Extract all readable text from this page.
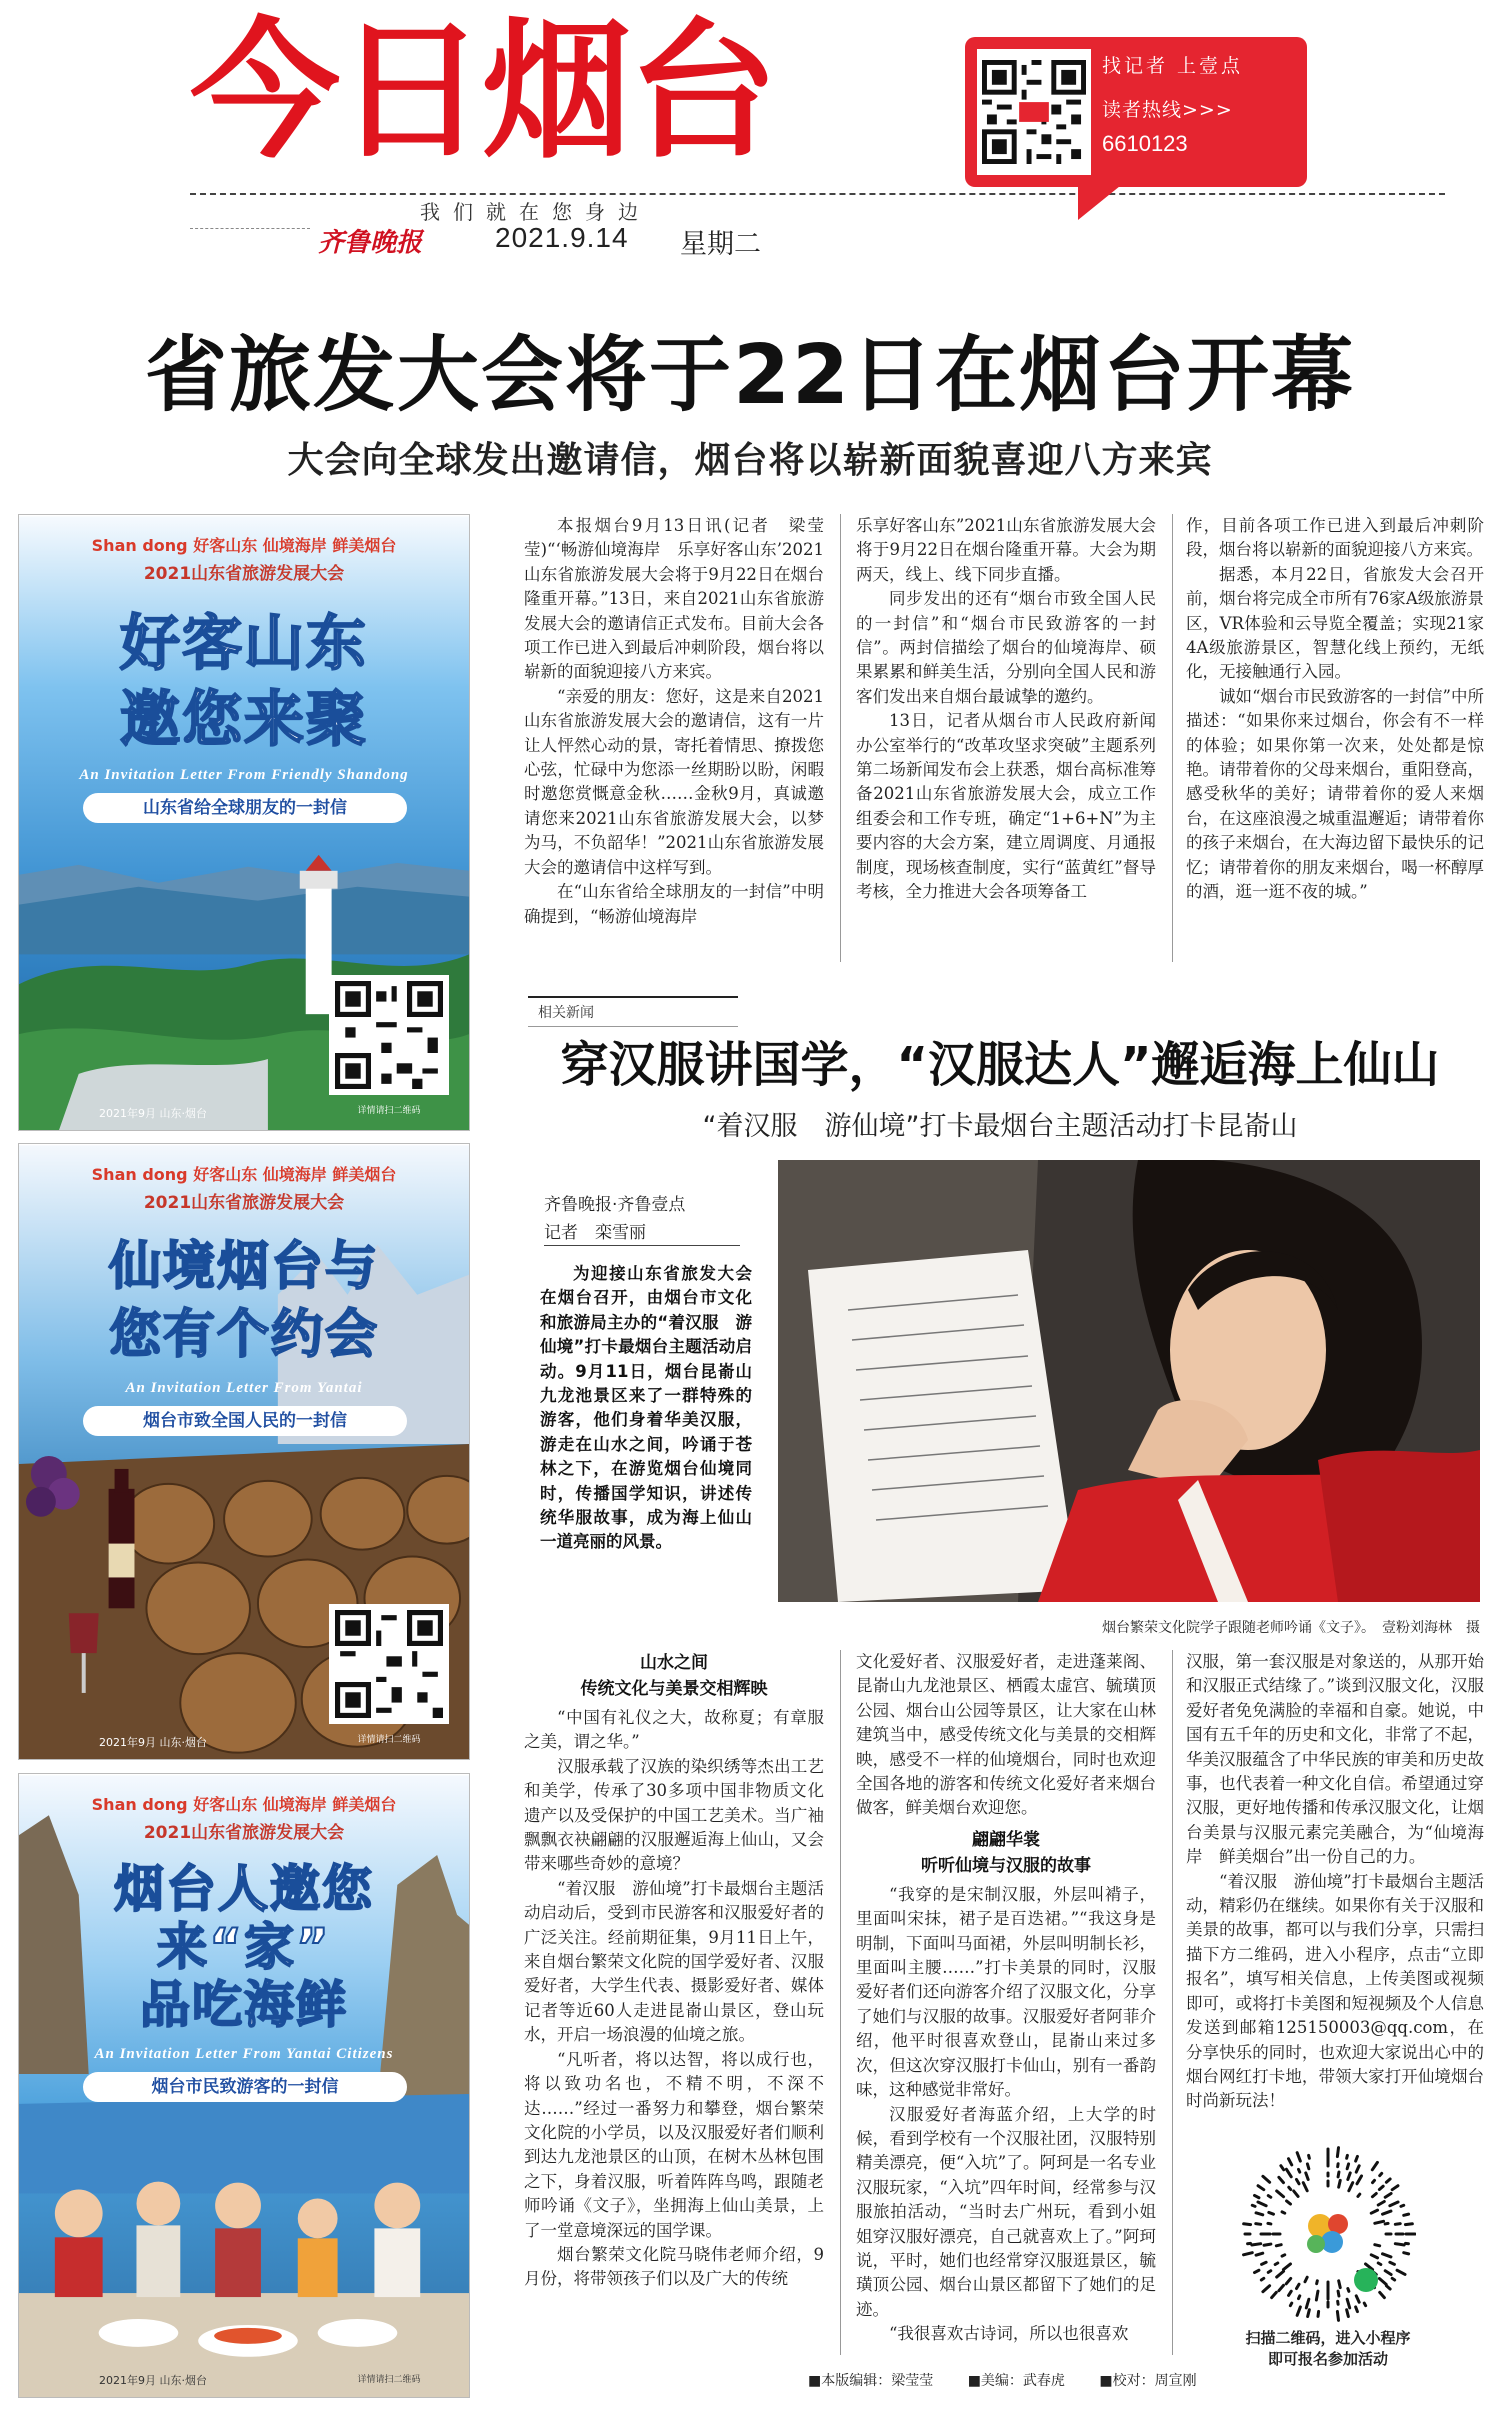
今日烟台
我们就在您身边
齐鲁晚报	2021.9.14 星期二
找记者 上壹点
读者热线>>>
6610123
省旅发大会将于22日在烟台开幕
大会向全球发出邀请信，烟台将以崭新面貌喜迎八方来宾
Shan dong 好客山东 仙境海岸 鲜美烟台
2021山东省旅游发展大会
好客山东
邀您来聚
An Invitation Letter From Friendly Shandong
山东省给全球朋友的一封信
详情请扫二维码
2021年9月 山东·烟台
Shan dong 好客山东 仙境海岸 鲜美烟台
2021山东省旅游发展大会
仙境烟台与
您有个约会
An Invitation Letter From Yantai
烟台市致全国人民的一封信
详情请扫二维码
2021年9月 山东·烟台
Shan dong 好客山东 仙境海岸 鲜美烟台
2021山东省旅游发展大会
烟台人邀您
来“家”
品吃海鲜
An Invitation Letter From Yantai Citizens
烟台市民致游客的一封信
2021年9月 山东·烟台	详情请扫二维码

本报烟台9月13日讯(记者　梁莹莹)“‘畅游仙境海岸　乐享好客山东’2021山东省旅游发展大会将于9月22日在烟台隆重开幕。”13日，来自2021山东省旅游发展大会的邀请信正式发布。目前大会各项工作已进入到最后冲刺阶段，烟台将以崭新的面貌迎接八方来宾。

“亲爱的朋友：您好，这是来自2021山东省旅游发展大会的邀请信，这有一片让人怦然心动的景，寄托着情思、撩拨您心弦，忙碌中为您添一丝期盼以盼，闲暇时邀您赏慨意金秋……金秋9月，真诚邀请您来2021山东省旅游发展大会，以梦为马，不负韶华！”2021山东省旅游发展大会的邀请信中这样写到。

在“山东省给全球朋友的一封信”中明确提到，“畅游仙境海岸

乐享好客山东”2021山东省旅游发展大会将于9月22日在烟台隆重开幕。大会为期两天，线上、线下同步直播。

同步发出的还有“烟台市致全国人民的一封信”和“烟台市民致游客的一封信”。两封信描绘了烟台的仙境海岸、硕果累累和鲜美生活，分别向全国人民和游客们发出来自烟台最诚挚的邀约。

13日，记者从烟台市人民政府新闻办公室举行的“改革攻坚求突破”主题系列第二场新闻发布会上获悉，烟台高标准筹备2021山东省旅游发展大会，成立工作组委会和工作专班，确定“1+6+N”为主要内容的大会方案，建立周调度、月通报制度，现场核查制度，实行“蓝黄红”督导考核，全力推进大会各项筹备工

作，目前各项工作已进入到最后冲刺阶段，烟台将以崭新的面貌迎接八方来宾。

据悉，本月22日，省旅发大会召开前，烟台将完成全市所有76家A级旅游景区，VR体验和云导览全覆盖；实现21家4A级旅游景区，智慧化线上预约，无纸化，无接触通行入园。

诚如“烟台市民致游客的一封信”中所描述：“如果你来过烟台，你会有不一样的体验；如果你第一次来，处处都是惊艳。请带着你的父母来烟台，重阳登高，感受秋华的美好；请带着你的爱人来烟台，在这座浪漫之城重温邂逅；请带着你的孩子来烟台，在大海边留下最快乐的记忆；请带着你的朋友来烟台，喝一杯醇厚的酒，逛一逛不夜的城。”

相关新闻
穿汉服讲国学，“汉服达人”邂逅海上仙山
“着汉服　游仙境”打卡最烟台主题活动打卡昆嵛山
齐鲁晚报·齐鲁壹点
记者　栾雪丽
为迎接山东省旅发大会在烟台召开，由烟台市文化和旅游局主办的“着汉服　游仙境”打卡最烟台主题活动启动。9月11日，烟台昆嵛山九龙池景区来了一群特殊的游客，他们身着华美汉服，游走在山水之间，吟诵于苍林之下，在游览烟台仙境同时，传播国学知识，讲述传统华服故事，成为海上仙山一道亮丽的风景。
烟台繁荣文化院学子跟随老师吟诵《文子》。　壹粉刘海林　摄
山水之间
传统文化与美景交相辉映

“中国有礼仪之大，故称夏；有章服之美，谓之华。”

汉服承载了汉族的染织绣等杰出工艺和美学，传承了30多项中国非物质文化遗产以及受保护的中国工艺美术。当广袖飘飘衣袂翩翩的汉服邂逅海上仙山，又会带来哪些奇妙的意境？

“着汉服　游仙境”打卡最烟台主题活动启动后，受到市民游客和汉服爱好者的广泛关注。经前期征集，9月11日上午，来自烟台繁荣文化院的国学爱好者、汉服爱好者，大学生代表、摄影爱好者、媒体记者等近60人走进昆嵛山景区，登山玩水，开启一场浪漫的仙境之旅。

“凡听者，将以达智，将以成行也，将以致功名也，不精不明，不深不达……”经过一番努力和攀登，烟台繁荣文化院的小学员，以及汉服爱好者们顺利到达九龙池景区的山顶，在树木丛林包围之下，身着汉服，听着阵阵鸟鸣，跟随老师吟诵《文子》，坐拥海上仙山美景，上了一堂意境深远的国学课。

烟台繁荣文化院马晓伟老师介绍，9月份，将带领孩子们以及广大的传统

文化爱好者、汉服爱好者，走进蓬莱阁、昆嵛山九龙池景区、栖霞太虚宫、毓璜顶公园、烟台山公园等景区，让大家在山林建筑当中，感受传统文化与美景的交相辉映，感受不一样的仙境烟台，同时也欢迎全国各地的游客和传统文化爱好者来烟台做客，鲜美烟台欢迎您。

翩翩华裳
听听仙境与汉服的故事

“我穿的是宋制汉服，外层叫褙子，里面叫宋抹，裙子是百迭裙。”“我这身是明制，下面叫马面裙，外层叫明制长衫，里面叫主腰……”打卡美景的同时，汉服爱好者们还向游客介绍了汉服文化，分享了她们与汉服的故事。汉服爱好者阿菲介绍，他平时很喜欢登山，昆嵛山来过多次，但这次穿汉服打卡仙山，别有一番韵味，这种感觉非常好。

汉服爱好者海蓝介绍，上大学的时候，看到学校有一个汉服社团，汉服特别精美漂亮，便“入坑”了。阿珂是一名专业汉服玩家，“入坑”四年时间，经常参与汉服旅拍活动，“当时去广州玩，看到小姐姐穿汉服好漂亮，自己就喜欢上了。”阿珂说，平时，她们也经常穿汉服逛景区，毓璜顶公园、烟台山景区都留下了她们的足迹。

“我很喜欢古诗词，所以也很喜欢

汉服，第一套汉服是对象送的，从那开始和汉服正式结缘了。”谈到汉服文化，汉服爱好者免免满脸的幸福和自豪。她说，中国有五千年的历史和文化，非常了不起，华美汉服蕴含了中华民族的审美和历史故事，也代表着一种文化自信。希望通过穿汉服，更好地传播和传承汉服文化，让烟台美景与汉服元素完美融合，为“仙境海岸　鲜美烟台”出一份自己的力。

“着汉服　游仙境”打卡最烟台主题活动，精彩仍在继续。如果你有关于汉服和美景的故事，都可以与我们分享，只需扫描下方二维码，进入小程序，点击“立即报名”，填写相关信息，上传美图或视频即可，或将打卡美图和短视频及个人信息发送到邮箱125150003@qq.com，在分享快乐的同时，也欢迎大家说出心中的烟台网红打卡地，带领大家打开仙境烟台时尚新玩法！

扫描二维码，进入小程序
即可报名参加活动
■本版编辑：梁莹莹 ■美编：武春虎 ■校对：周宣刚
